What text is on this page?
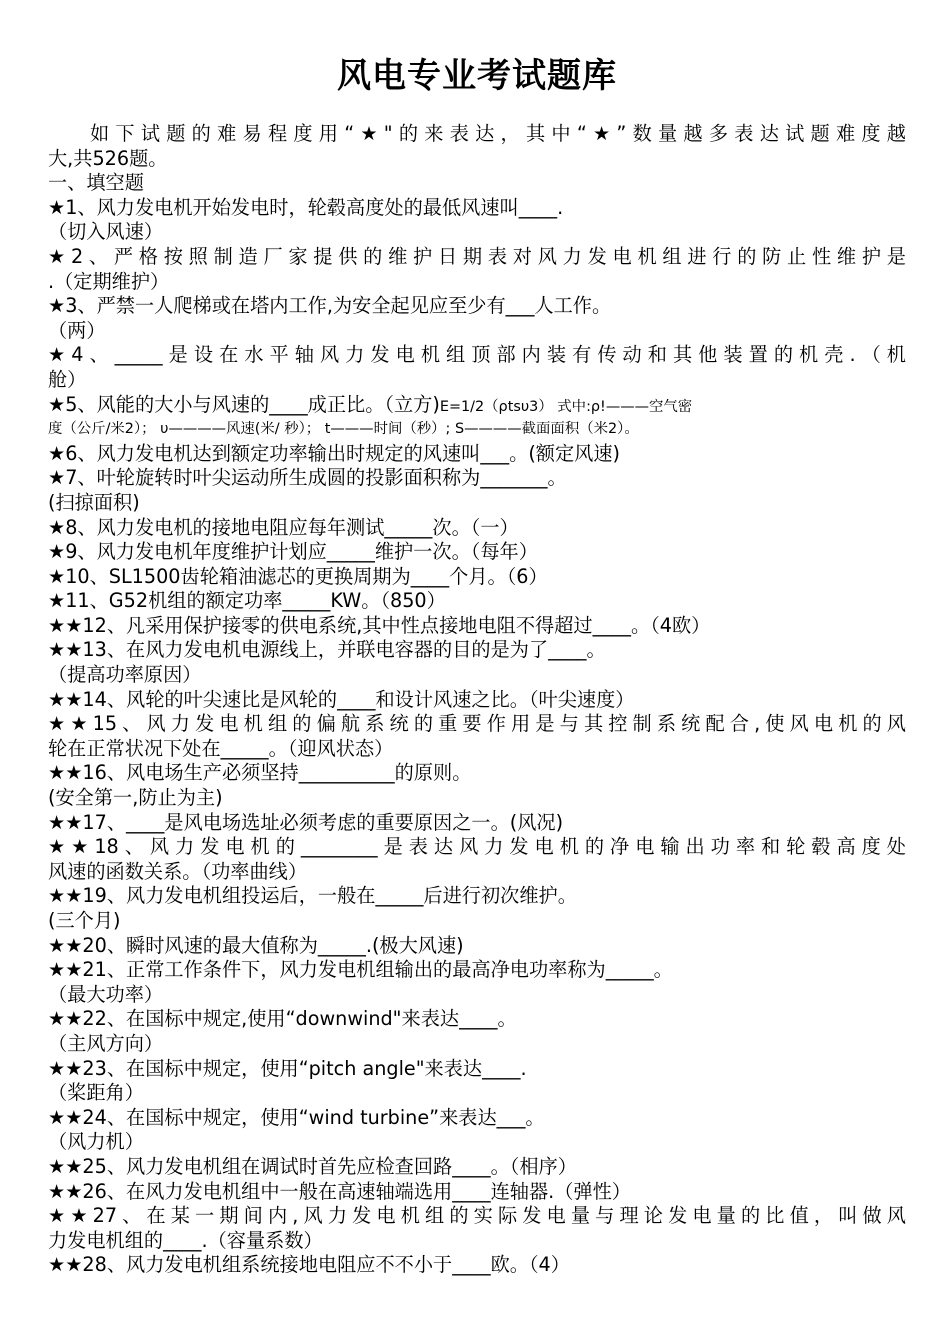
风电专业考试题库
如下试题的难易程度用“★"的来表达，其中“★”数量越多表达试题难度越
大,共526题。
一、填空题
★1、风力发电机开始发电时，轮毂高度处的最低风速叫____.
（切入风速）
★2、严格按照制造厂家提供的维护日期表对风力发电机组进行的防止性维护是
.（定期维护）
★3、严禁一人爬梯或在塔内工作,为安全起见应至少有___人工作。
（两）
★4、_____是设在水平轴风力发电机组顶部内装有传动和其他装置的机壳.（机
舱）
★5、风能的大小与风速的____成正比。（立方)E=1/2（ρtsυ3） 式中:ρ!———空气密
度（公斤/米2）； υ————风速(米/ 秒）； t———时间（秒）; S————截面面积（米2）。
★6、风力发电机达到额定功率输出时规定的风速叫___。(额定风速)
★7、叶轮旋转时叶尖运动所生成圆的投影面积称为_______。
(扫掠面积)
★8、风力发电机的接地电阻应每年测试_____次。（一）
★9、风力发电机年度维护计划应_____维护一次。（每年）
★10、SL1500齿轮箱油滤芯的更换周期为____个月。（6）
★11、G52机组的额定功率_____KW。（850）
★★12、凡采用保护接零的供电系统,其中性点接地电阻不得超过____。（4欧）
★★13、在风力发电机电源线上，并联电容器的目的是为了____。
（提高功率原因）
★★14、风轮的叶尖速比是风轮的____和设计风速之比。（叶尖速度）
★★15、风力发电机组的偏航系统的重要作用是与其控制系统配合,使风电机的风
轮在正常状况下处在_____。（迎风状态）
★★16、风电场生产必须坚持__________的原则。
(安全第一,防止为主)
★★17、____是风电场选址必须考虑的重要原因之一。(风况)
★★18、风力发电机的________是表达风力发电机的净电输出功率和轮毂高度处
风速的函数关系。（功率曲线）
★★19、风力发电机组投运后，一般在_____后进行初次维护。
(三个月)
★★20、瞬时风速的最大值称为_____.(极大风速)
★★21、正常工作条件下，风力发电机组输出的最高净电功率称为_____。
（最大功率）
★★22、在国标中规定,使用“downwind"来表达____。
（主风方向）
★★23、在国标中规定，使用“pitch angle"来表达____.
（桨距角）
★★24、在国标中规定，使用“wind turbine”来表达___。
（风力机）
★★25、风力发电机组在调试时首先应检查回路____。（相序）
★★26、在风力发电机组中一般在高速轴端选用____连轴器.（弹性）
★★27、在某一期间内,风力发电机组的实际发电量与理论发电量的比值，叫做风
力发电机组的____.（容量系数）
★★28、风力发电机组系统接地电阻应不不小于____欧。（4）
